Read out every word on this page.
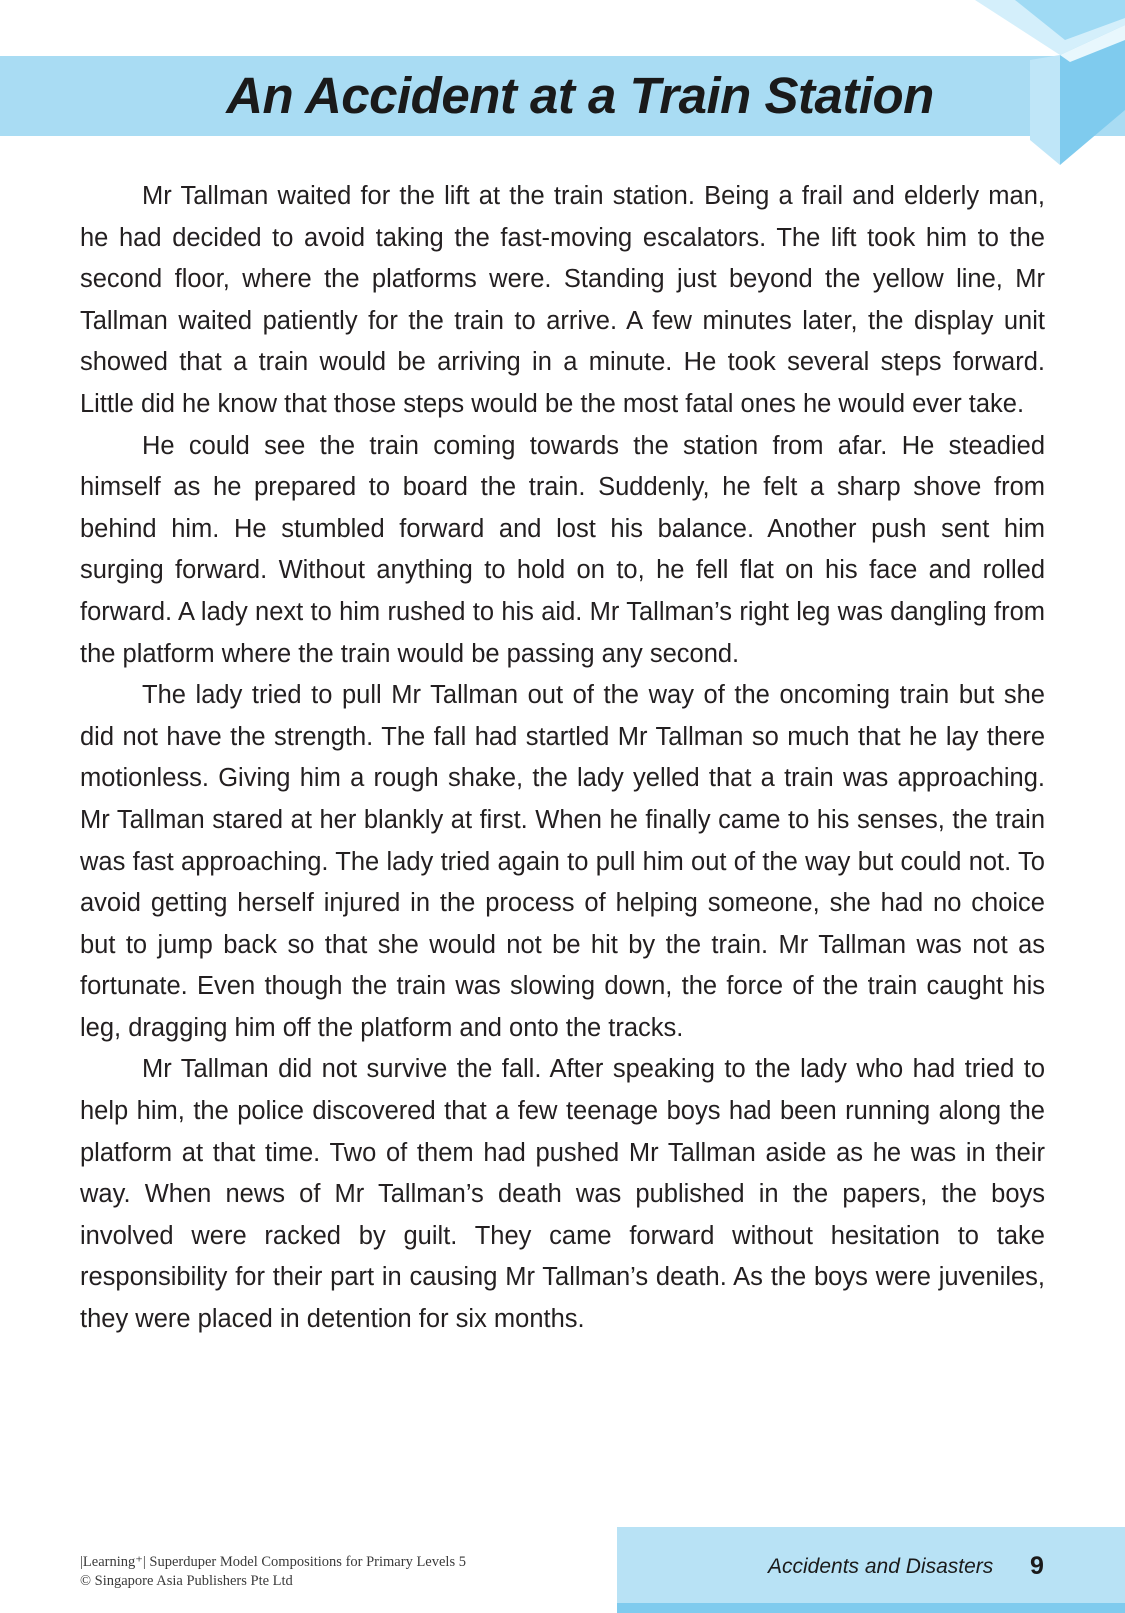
An Accident at a Train Station

Mr Tallman waited for the lift at the train station. Being a frail and elderly man, he had decided to avoid taking the fast-moving escalators. The lift took him to the second floor, where the platforms were. Standing just beyond the yellow line, Mr Tallman waited patiently for the train to arrive. A few minutes later, the display unit showed that a train would be arriving in a minute. He took several steps forward. Little did he know that those steps would be the most fatal ones he would ever take.

He could see the train coming towards the station from afar. He steadied himself as he prepared to board the train. Suddenly, he felt a sharp shove from behind him. He stumbled forward and lost his balance. Another push sent him surging forward. Without anything to hold on to, he fell flat on his face and rolled forward. A lady next to him rushed to his aid. Mr Tallman’s right leg was dangling from the platform where the train would be passing any second.

The lady tried to pull Mr Tallman out of the way of the oncoming train but she did not have the strength. The fall had startled Mr Tallman so much that he lay there motionless. Giving him a rough shake, the lady yelled that a train was approaching. Mr Tallman stared at her blankly at first. When he finally came to his senses, the train was fast approaching. The lady tried again to pull him out of the way but could not. To avoid getting herself injured in the process of helping someone, she had no choice but to jump back so that she would not be hit by the train. Mr Tallman was not as fortunate. Even though the train was slowing down, the force of the train caught his leg, dragging him off the platform and onto the tracks.

Mr Tallman did not survive the fall. After speaking to the lady who had tried to help him, the police discovered that a few teenage boys had been running along the platform at that time. Two of them had pushed Mr Tallman aside as he was in their way. When news of Mr Tallman’s death was published in the papers, the boys involved were racked by guilt. They came forward without hesitation to take responsibility for their part in causing Mr Tallman’s death. As the boys were juveniles, they were placed in detention for six months.

|Learning⁺| Superduper Model Compositions for Primary Levels 5
© Singapore Asia Publishers Pte Ltd
Accidents and Disasters 9
